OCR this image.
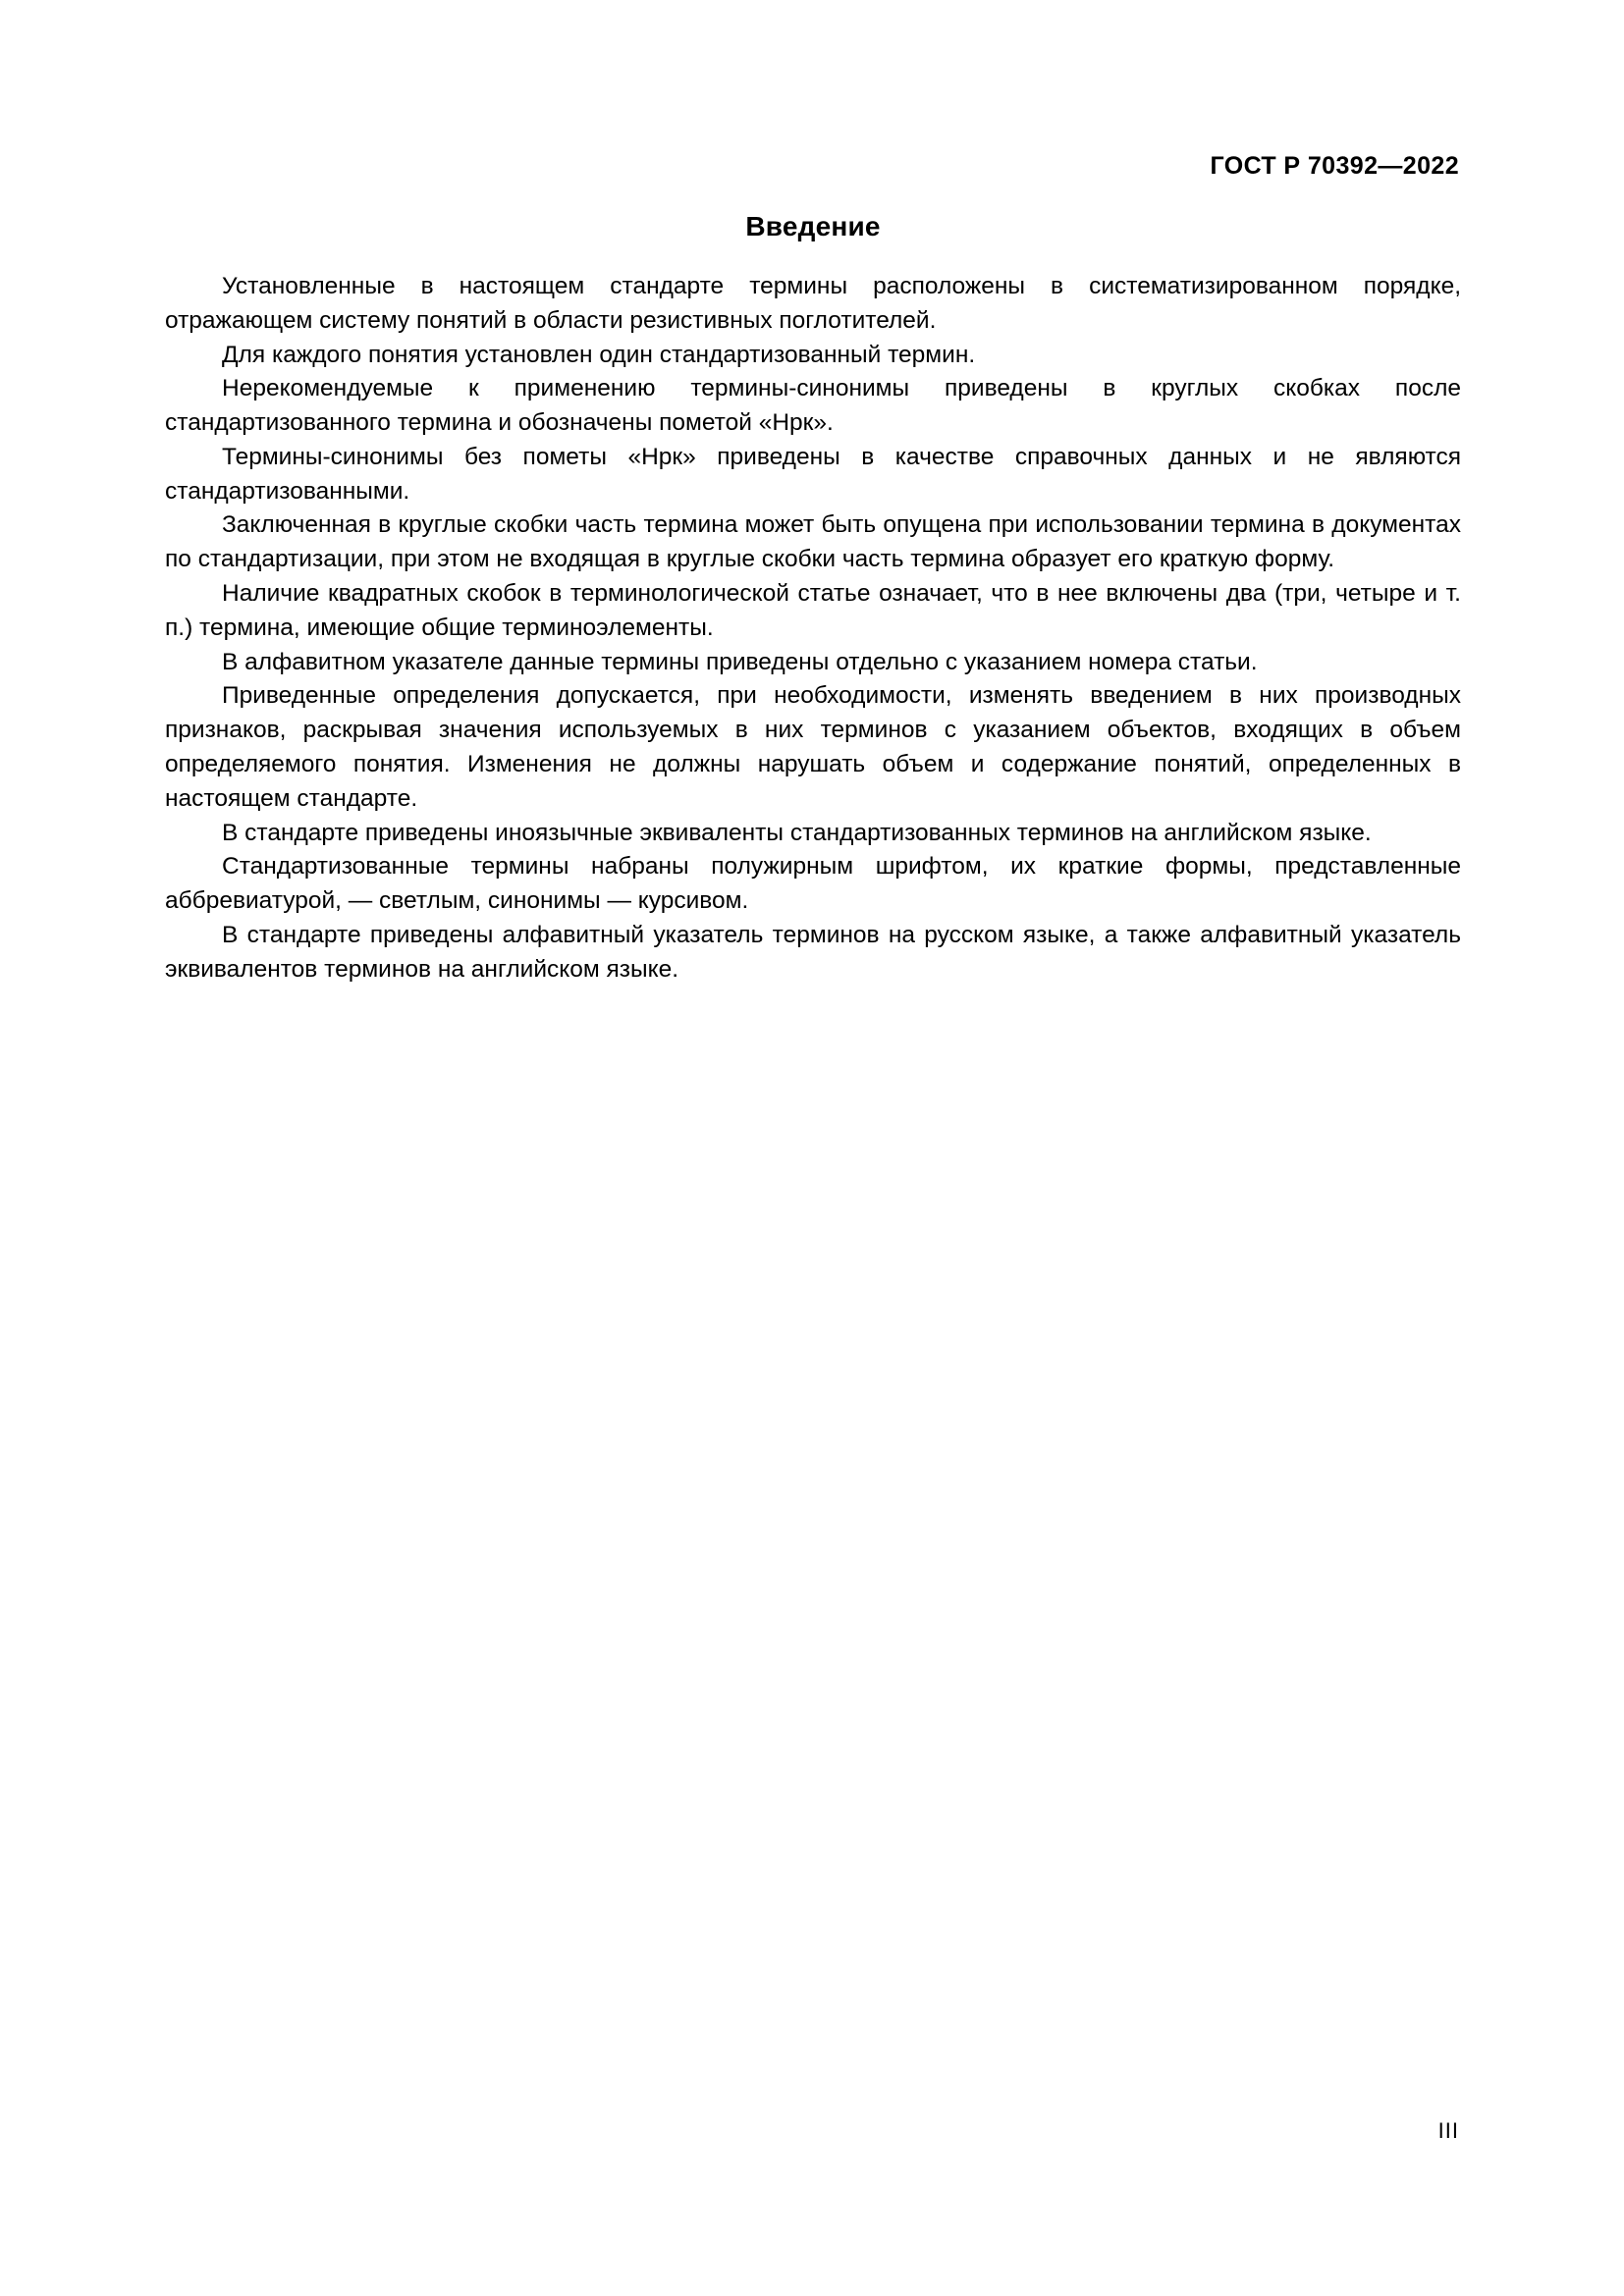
ГОСТ Р 70392—2022
Введение

Установленные в настоящем стандарте термины расположены в систематизированном порядке, отражающем систему понятий в области резистивных поглотителей.

Для каждого понятия установлен один стандартизованный термин.

Нерекомендуемые к применению термины-синонимы приведены в круглых скобках после стандартизованного термина и обозначены пометой «Нрк».

Термины-синонимы без пометы «Нрк» приведены в качестве справочных данных и не являются стандартизованными.

Заключенная в круглые скобки часть термина может быть опущена при использовании термина в документах по стандартизации, при этом не входящая в круглые скобки часть термина образует его краткую форму.

Наличие квадратных скобок в терминологической статье означает, что в нее включены два (три, четыре и т. п.) термина, имеющие общие терминоэлементы.

В алфавитном указателе данные термины приведены отдельно с указанием номера статьи.

Приведенные определения допускается, при необходимости, изменять введением в них производных признаков, раскрывая значения используемых в них терминов с указанием объектов, входящих в объем определяемого понятия. Изменения не должны нарушать объем и содержание понятий, определенных в настоящем стандарте.

В стандарте приведены иноязычные эквиваленты стандартизованных терминов на английском языке.

Стандартизованные термины набраны полужирным шрифтом, их краткие формы, представленные аббревиатурой, — светлым, синонимы — курсивом.

В стандарте приведены алфавитный указатель терминов на русском языке, а также алфавитный указатель эквивалентов терминов на английском языке.

III
